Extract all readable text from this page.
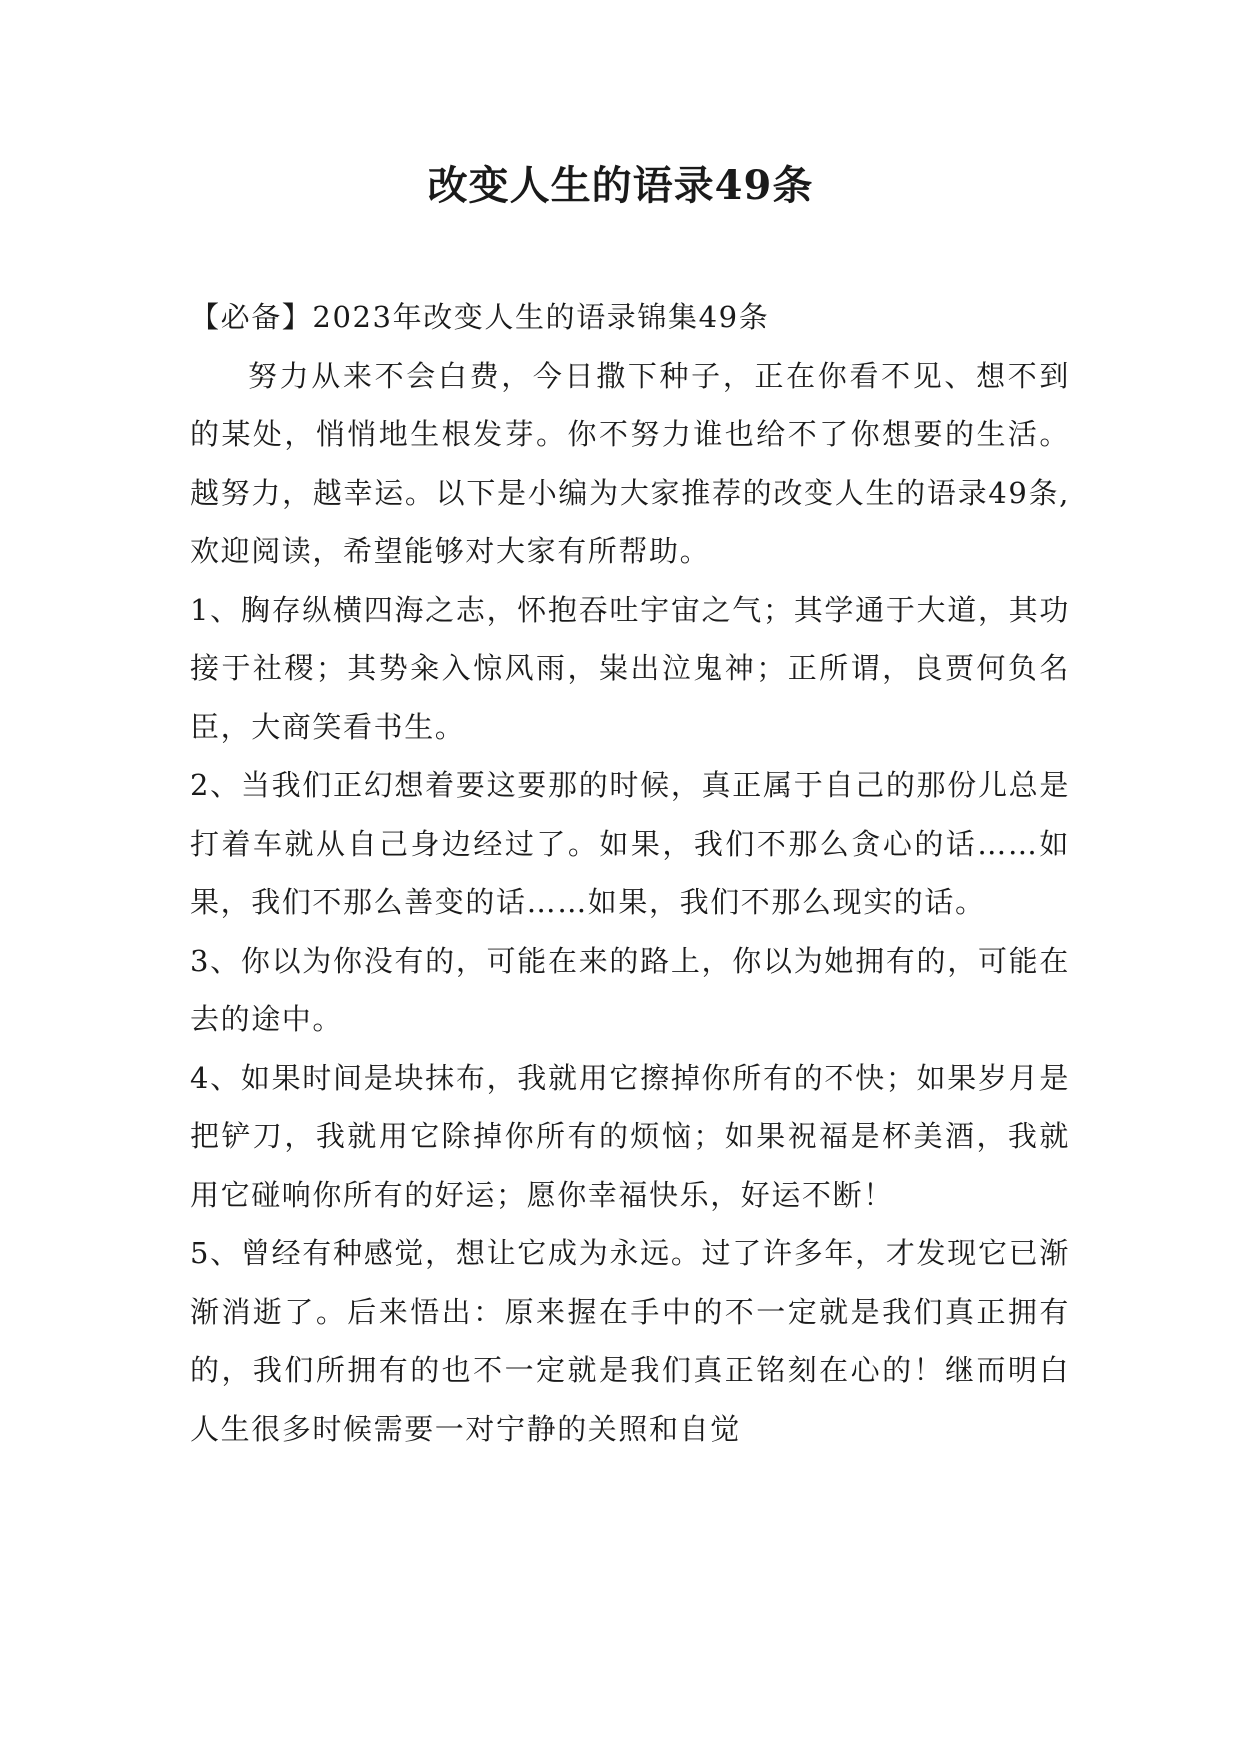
改变人生的语录49条

【必备】2023年改变人生的语录锦集49条

努力从来不会白费，今日撒下种子，正在你看不见、想不到的某处，悄悄地生根发芽。你不努力谁也给不了你想要的生活。越努力，越幸运。以下是小编为大家推荐的改变人生的语录49条,欢迎阅读，希望能够对大家有所帮助。

1、胸存纵横四海之志，怀抱吞吐宇宙之气；其学通于大道，其功接于社稷；其势籴入惊风雨，粜出泣鬼神；正所谓，良贾何负名臣，大商笑看书生。

2、当我们正幻想着要这要那的时候，真正属于自己的那份儿总是打着车就从自己身边经过了。如果，我们不那么贪心的话……如果，我们不那么善变的话……如果，我们不那么现实的话。

3、你以为你没有的，可能在来的路上，你以为她拥有的，可能在去的途中。

4、如果时间是块抹布，我就用它擦掉你所有的不快；如果岁月是把铲刀，我就用它除掉你所有的烦恼；如果祝福是杯美酒，我就用它碰响你所有的好运；愿你幸福快乐，好运不断！

5、曾经有种感觉，想让它成为永远。过了许多年，才发现它已渐渐消逝了。后来悟出：原来握在手中的不一定就是我们真正拥有的，我们所拥有的也不一定就是我们真正铭刻在心的！继而明白人生很多时候需要一对宁静的关照和自觉
